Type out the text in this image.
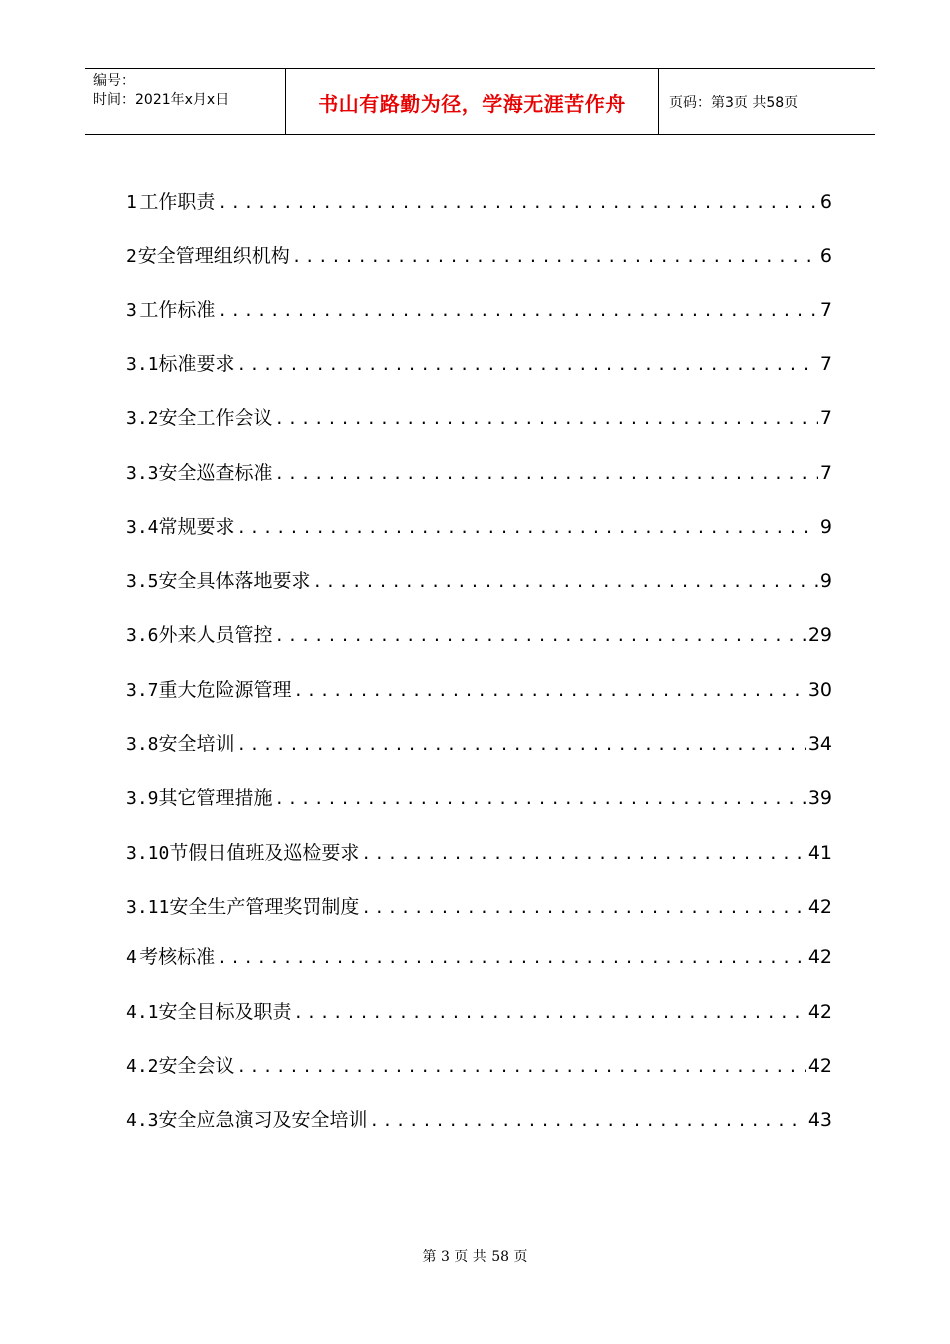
编号：
时间：2021年x月x日	书山有路勤为径，学海无涯苦作舟	页码：第3页 共58页
1 工作职责 .....	6
2 安全管理组织机构 .....	6
3 工作标准 .....	7
3.1 标准要求 .....	7
3.2 安全工作会议 .....	7
3.3 安全巡查标准 .....	7
3.4 常规要求 .....	9
3.5 安全具体落地要求 .....	9
3.6 外来人员管控 .....	29
3.7 重大危险源管理 .....	30
3.8 安全培训 .....	34
3.9 其它管理措施 .....	39
3.10 节假日值班及巡检要求 .....	41
3.11 安全生产管理奖罚制度 .....	42
4 考核标准 .....	42
4.1 安全目标及职责 .....	42
4.2 安全会议 .....	42
4.3 安全应急演习及安全培训 .....	43
第 3 页 共 58 页
